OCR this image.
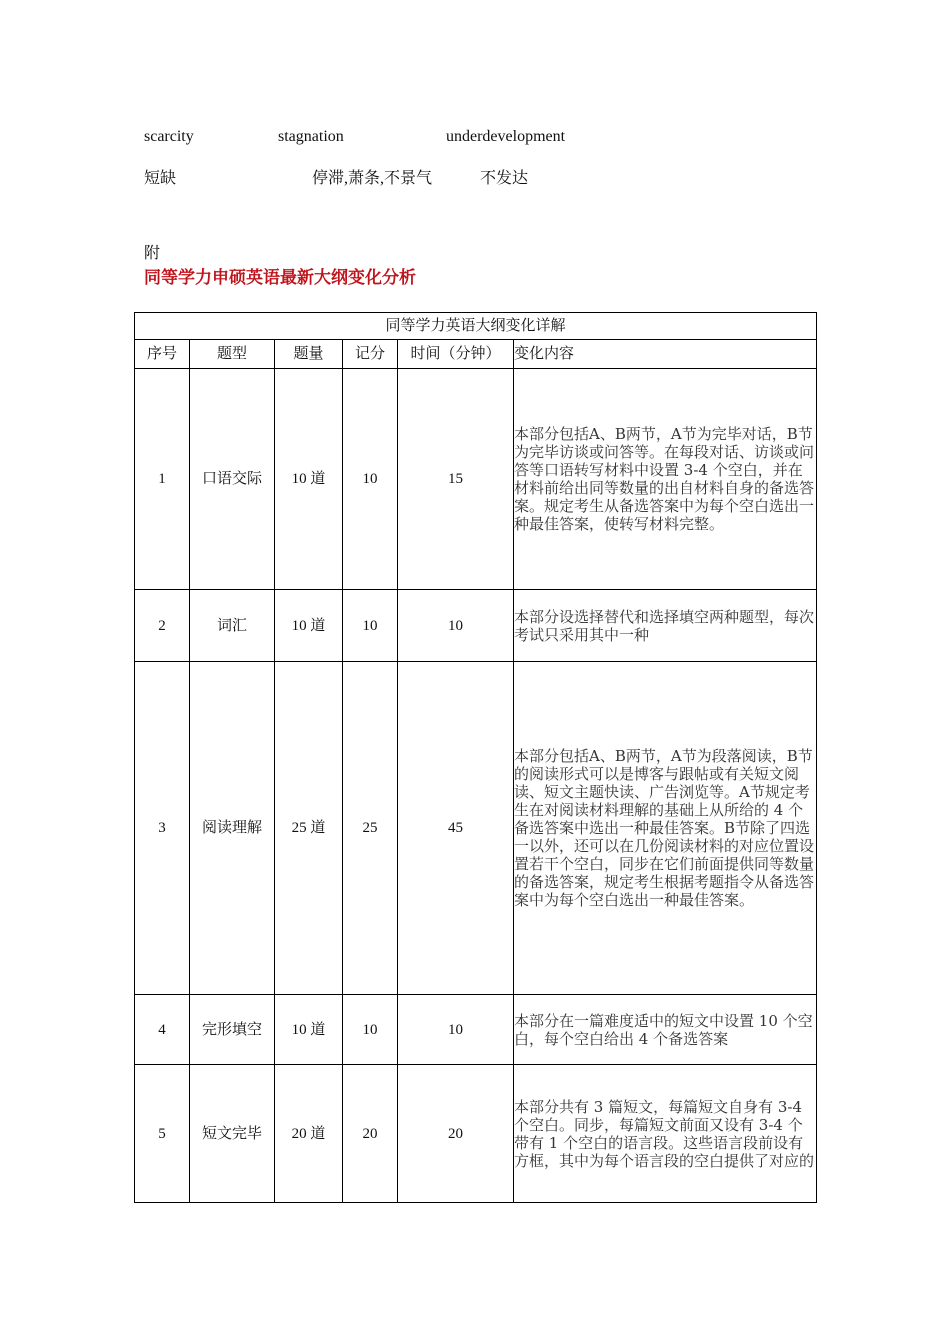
scarcity	stagnation	underdevelopment
短缺	停滞,萧条,不景气	不发达
附
同等学力申硕英语最新大纲变化分析
同等学力英语大纲变化详解					
序号	题型	题量	记分	时间（分钟）	变化内容
1	口语交际	10 道	10	15	本部分包括A、B两节，A节为完毕对话，B节为完毕访谈或问答等。在每段对话、访谈或问答等口语转写材料中设置 3-4 个空白，并在材料前给出同等数量的出自材料自身的备选答案。规定考生从备选答案中为每个空白选出一种最佳答案，使转写材料完整。
2	词汇	10 道	10	10	本部分设选择替代和选择填空两种题型，每次考试只采用其中一种
3	阅读理解	25 道	25	45	本部分包括A、B两节，A节为段落阅读，B节的阅读形式可以是博客与跟帖或有关短文阅读、短文主题快读、广告浏览等。A节规定考生在对阅读材料理解的基础上从所给的 4 个备选答案中选出一种最佳答案。B节除了四选一以外，还可以在几份阅读材料的对应位置设置若干个空白，同步在它们前面提供同等数量的备选答案，规定考生根据考题指令从备选答案中为每个空白选出一种最佳答案。
4	完形填空	10 道	10	10	本部分在一篇难度适中的短文中设置 10 个空白，每个空白给出 4 个备选答案
5	短文完毕	20 道	20	20	本部分共有 3 篇短文，每篇短文自身有 3-4 个空白。同步，每篇短文前面又设有 3-4 个带有 1 个空白的语言段。这些语言段前设有方框，其中为每个语言段的空白提供了对应的
